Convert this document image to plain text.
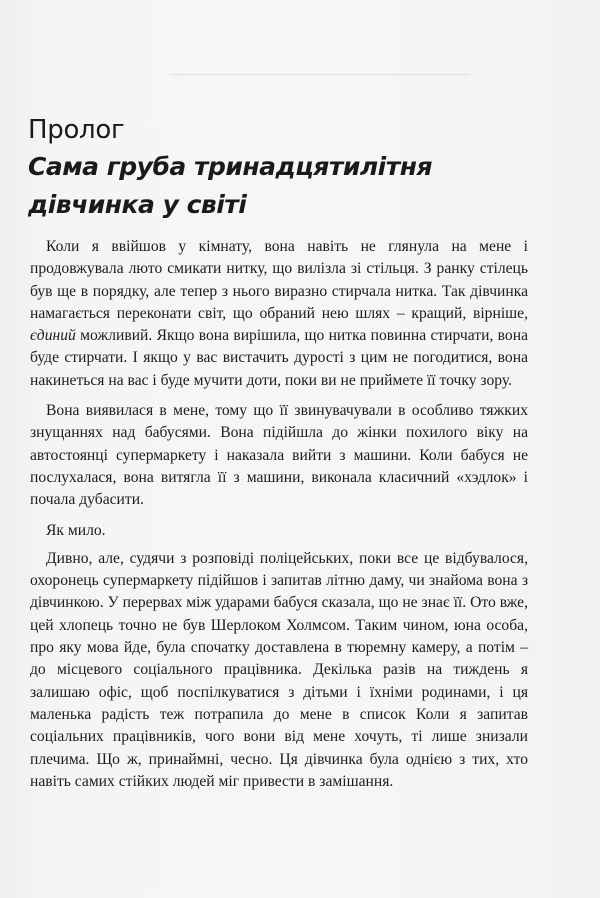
Пролог
Сама груба тринадцятилітня дівчинка у світі

Коли я ввійшов у кімнату, вона навіть не глянула на мене і продовжувала люто смикати нитку, що вилізла зі стільця. З ранку стілець був ще в порядку, але тепер з нього виразно стирчала нитка. Так дівчинка намагається переконати світ, що обраний нею шлях – кращий, вірніше, єдиний можливий. Якщо вона вирішила, що нитка повинна стирчати, вона буде стирчати. І якщо у вас вистачить дурості з цим не погодитися, вона накинеться на вас і буде мучити доти, поки ви не приймете її точку зору.

Вона виявилася в мене, тому що її звинувачували в особливо тяжких знущаннях над бабусями. Вона підійшла до жінки похилого віку на автостоянці супермаркету і наказала вийти з машини. Коли бабуся не послухалася, вона витягла її з машини, виконала класичний «хэдлок» і почала дубасити.

Як мило.

Дивно, але, судячи з розповіді поліцейських, поки все це відбувалося, охоронець супермаркету підійшов і запитав літню даму, чи знайома вона з дівчинкою. У перервах між ударами бабуся сказала, що не знає її. Ото вже, цей хлопець точно не був Шерлоком Холмсом. Таким чином, юна особа, про яку мова йде, була спочатку доставлена в тюремну камеру, а потім – до місцевого соціального працівника. Декілька разів на тиждень я залишаю офіс, щоб поспілкуватися з дітьми і їхніми родинами, і ця маленька радість теж потрапила до мене в список Коли я запитав соціальних працівників, чого вони від мене хочуть, ті лише знизали плечима. Що ж, принаймні, чесно. Ця дівчинка була однією з тих, хто навіть самих стійких людей міг привести в замішання.
